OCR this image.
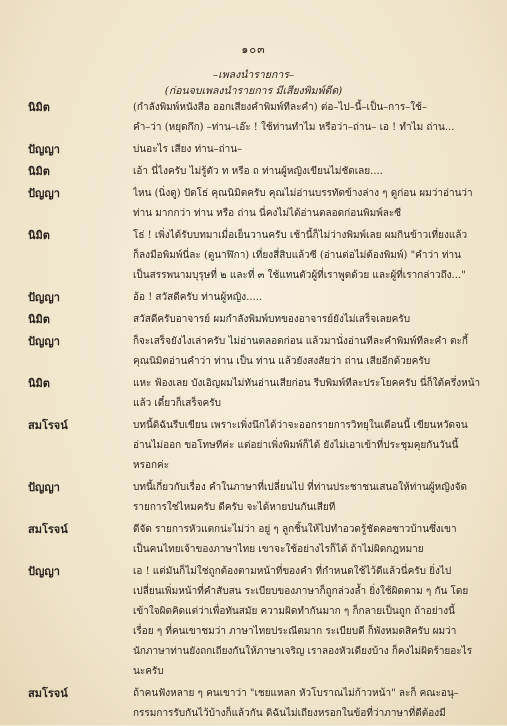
๑๐๓
–เพลงนำรายการ–
(ก่อนจบเพลงนำรายการ มีเสียงพิมพ์ดีด)
นิมิต	(กำลังพิมพ์หนังสือ ออกเสียงคำพิมพ์ทีละคำ) ต่อ–ไป–นี้–เป็น–การ–ใช้–
คำ–ว่า (หยุดกึก) –ท่าน–เอ๊ะ ! ใช้ท่านทำไม หรือว่า–ถ่าน– เอ ! ทำไม ถ่าน...
ปัญญา	บ่นอะไร เสียง ท่าน–ถ่าน–
นิมิต	เอ้า นี่ไงครับ ไม่รู้ตัว ท หรือ ถ ท่านผู้หญิงเขียนไม่ชัดเลย....
ปัญญา	ไหน (นิ่งดู) ปัดโธ่ คุณนิมิตครับ คุณไม่อ่านบรรทัดข้างล่าง ๆ ดูก่อน ผมว่าอ่านว่า
ท่าน มากกว่า ท่าน หรือ ถ่าน นี่คงไม่ได้อ่านตลอดก่อนพิมพ์ละซี
นิมิต	โธ่ ! เพิ่งได้รับบทมาเมื่อเย็นวานครับ เช้านี้ก็ไม่ว่างพิมพ์เลย ผมกินข้าวเที่ยงแล้ว
ก็ลงมือพิมพ์นี่ละ (ดูนาฬิกา) เที่ยงสี่สิบแล้วซี (อ่านต่อไม่ต้องพิมพ์) "คำว่า ท่าน
เป็นสรรพนามบุรุษที่ ๒ และที่ ๓ ใช้แทนตัวผู้ที่เราพูดด้วย และผู้ที่เรากล่าวถึง..."
ปัญญา	อ้อ ! สวัสดีครับ ท่านผู้หญิง.....
นิมิต	สวัสดีครับอาจารย์ ผมกำลังพิมพ์บทของอาจารย์ยังไม่เสร็จเลยครับ
ปัญญา	ก็จะเสร็จยังไงเล่าครับ ไม่อ่านตลอดก่อน แล้วมานั่งอ่านทีละคำพิมพ์ทีละคำ ตะกี้
คุณนิมิตอ่านคำว่า ท่าน เป็น ท่าน แล้วยังสงสัยว่า ถ่าน เสียอีกด้วยครับ
นิมิต	แหะ ฟ้องเลย บังเอิญผมไม่ทันอ่านเสียก่อน รีบพิมพ์ทีละประโยคครับ นี่ก็ใต้ครึ่งหน้า
แล้ว เดี๋ยวก็เสร็จครับ
สมโรจน์	บทนี้ดิฉันรีบเขียน เพราะเพิ่งนึกได้ว่าจะออกรายการวิทยุในเดือนนี้ เขียนหวัดจน
อ่านไม่ออก ขอโทษทีค่ะ แต่อย่าเพิ่งพิมพ์ก็ได้ ยังไม่เอาเข้าที่ประชุมคุยกันวันนี้
หรอกค่ะ
ปัญญา	บทนี้เกี่ยวกับเรื่อง คำในภาษาที่เปลี่ยนไป ที่ท่านประชาชนเสนอให้ท่านผู้หญิงจัด
รายการใช่ไหมครับ ดีครับ จะได้หายปนกันเสียที
สมโรจน์	ดีจัด รายการหัวแตกน่ะไม่ว่า อยู่ ๆ ลูกชิ้นให้ไปทำอวดรู้ชัดคอซาวบ้านซึ่งเขา
เป็นคนไทยเจ้าของภาษาไทย เขาจะใช้อย่างไรก็ได้ ถ้าไม่ผิดกฎหมาย
ปัญญา	เอ ! แต่มันก็ไม่ใช่ถูกต้องตามหน้าที่ของคำ ที่กำหนดใช้ไว้ดีแล้วนี่ครับ ยิ่งไป
เปลี่ยนเพิ่มหน้าที่คำสับสน ระเบียบของภาษาก็ถูกล่วงล้ำ ยิ่งใช้ผิดตาม ๆ กัน โดย
เข้าใจผิดคิดแต่ว่าเพื่อทันสมัย ความผิดทำกันมาก ๆ ก็กลายเป็นถูก ถ้าอย่างนี้
เรื่อย ๆ ที่คนเขาชมว่า ภาษาไทยประณีตมาก ระเบียบดี ก็พังหมดสิครับ ผมว่า
นักภาษาท่านยังถกเถียงกันให้ภาษาเจริญ เราลองหัวเดียงบ้าง ก็คงไม่ผิดร้ายอะไร
นะครับ
สมโรจน์	ถ้าคนฟังหลาย ๆ คนเขาว่า "เชยแหลก หัวโบราณไม่ก้าวหน้า" ละก็ คณะอนุ–
กรรมการรับกันไว้บ้างก็แล้วกัน ดิฉันไม่เถียงหรอกในข้อที่ว่าภาษาที่ดีต้องมี
